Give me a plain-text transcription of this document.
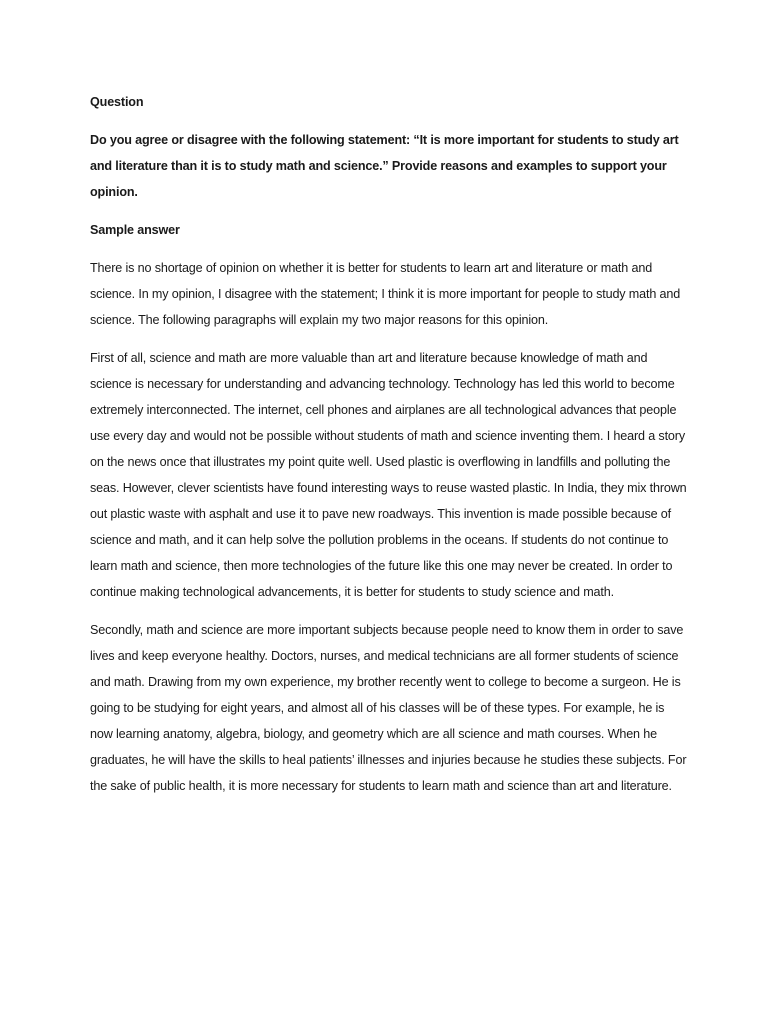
Question

Do you agree or disagree with the following statement: “It is more important for students to study art and literature than it is to study math and science.” Provide reasons and examples to support your opinion.

Sample answer

There is no shortage of opinion on whether it is better for students to learn art and literature or math and science. In my opinion, I disagree with the statement; I think it is more important for people to study math and science. The following paragraphs will explain my two major reasons for this opinion.

First of all, science and math are more valuable than art and literature because knowledge of math and science is necessary for understanding and advancing technology. Technology has led this world to become extremely interconnected. The internet, cell phones and airplanes are all technological advances that people use every day and would not be possible without students of math and science inventing them. I heard a story on the news once that illustrates my point quite well. Used plastic is overflowing in landfills and polluting the seas. However, clever scientists have found interesting ways to reuse wasted plastic. In India, they mix thrown out plastic waste with asphalt and use it to pave new roadways. This invention is made possible because of science and math, and it can help solve the pollution problems in the oceans. If students do not continue to learn math and science, then more technologies of the future like this one may never be created. In order to continue making technological advancements, it is better for students to study science and math.

Secondly, math and science are more important subjects because people need to know them in order to save lives and keep everyone healthy. Doctors, nurses, and medical technicians are all former students of science and math. Drawing from my own experience, my brother recently went to college to become a surgeon. He is going to be studying for eight years, and almost all of his classes will be of these types. For example, he is now learning anatomy, algebra, biology, and geometry which are all science and math courses. When he graduates, he will have the skills to heal patients’ illnesses and injuries because he studies these subjects. For the sake of public health, it is more necessary for students to learn math and science than art and literature.
